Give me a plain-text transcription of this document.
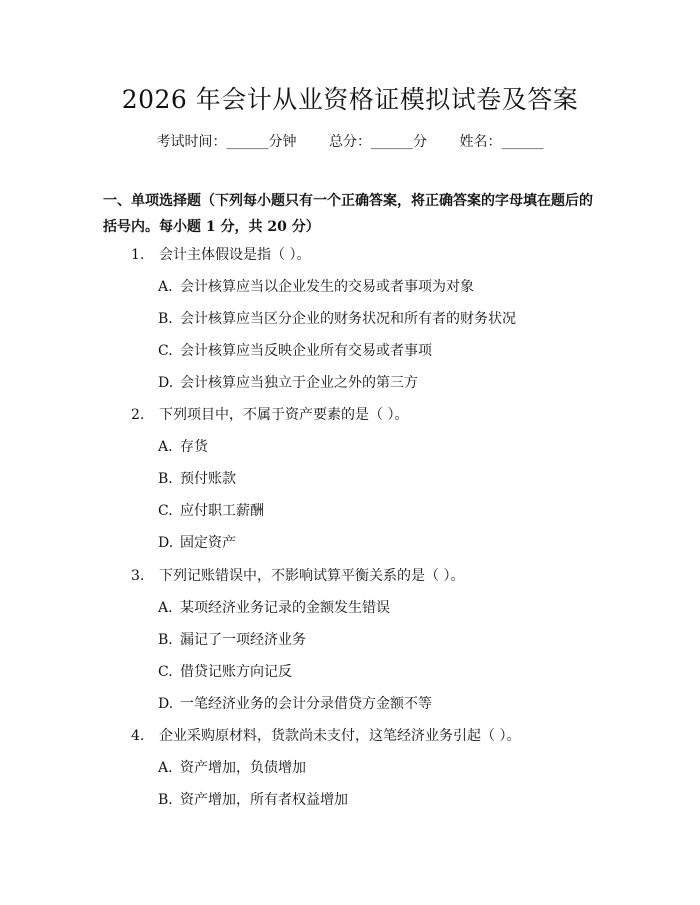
2026 年会计从业资格证模拟试卷及答案
考试时间：______分钟 总分：______分 姓名：______
一、单项选择题（下列每小题只有一个正确答案，将正确答案的字母填在题后的括号内。每小题 1 分，共 20 分）
1. 会计主体假设是指（ ）。
A. 会计核算应当以企业发生的交易或者事项为对象
B. 会计核算应当区分企业的财务状况和所有者的财务状况
C. 会计核算应当反映企业所有交易或者事项
D. 会计核算应当独立于企业之外的第三方
2. 下列项目中，不属于资产要素的是（ ）。
A. 存货
B. 预付账款
C. 应付职工薪酬
D. 固定资产
3. 下列记账错误中，不影响试算平衡关系的是（ ）。
A. 某项经济业务记录的金额发生错误
B. 漏记了一项经济业务
C. 借贷记账方向记反
D. 一笔经济业务的会计分录借贷方金额不等
4. 企业采购原材料，货款尚未支付，这笔经济业务引起（ ）。
A. 资产增加，负债增加
B. 资产增加，所有者权益增加
